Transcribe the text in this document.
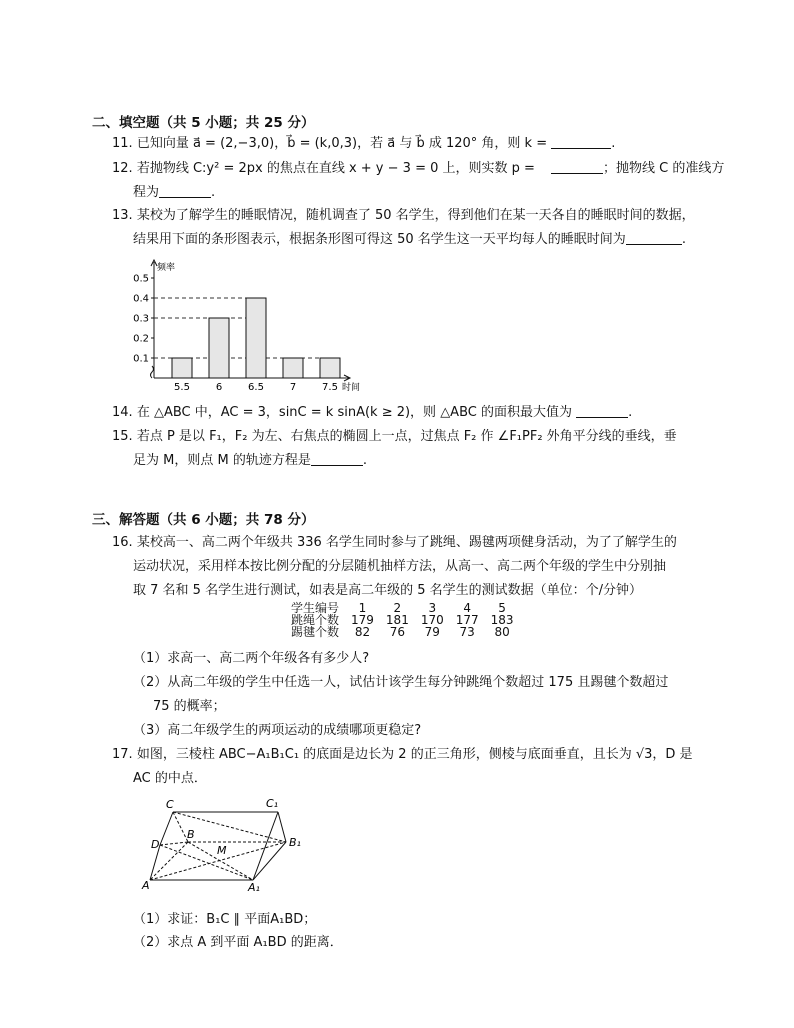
二、填空题（共 5 小题；共 25 分）
11. 已知向量 a⃗ = (2,−3,0)，b⃗ = (k,0,3)，若 a⃗ 与 b⃗ 成 120° 角，则 k =	.
12. 若抛物线 C:y² = 2px 的焦点在直线 x + y − 3 = 0 上，则实数 p =	；抛物线 C 的准线方
程为	.
13. 某校为了解学生的睡眠情况，随机调查了 50 名学生，得到他们在某一天各自的睡眠时间的数据，
结果用下面的条形图表示，根据条形图可得这 50 名学生这一天平均每人的睡眠时间为	.
频率
时间
0.1
0.2
0.3
0.4
0.5
5.5	6	6.5	7	7.5
14. 在 △ABC 中，AC = 3，sinC = k sinA(k ≥ 2)，则 △ABC 的面积最大值为	.
15. 若点 P 是以 F₁，F₂ 为左、右焦点的椭圆上一点，过焦点 F₂ 作 ∠F₁PF₂ 外角平分线的垂线，垂
足为 M，则点 M 的轨迹方程是	.
三、解答题（共 6 小题；共 78 分）
16. 某校高一、高二两个年级共 336 名学生同时参与了跳绳、踢毽两项健身活动，为了了解学生的
运动状况，采用样本按比例分配的分层随机抽样方法，从高一、高二两个年级的学生中分别抽
取 7 名和 5 名学生进行测试，如表是高二年级的 5 名学生的测试数据（单位：个/分钟）
学生编号	1	2	3	4	5
跳绳个数	179	181	170	177	183
踢毽个数	82	76	79	73	80
（1）求高一、高二两个年级各有多少人?
（2）从高二年级的学生中任选一人，试估计该学生每分钟跳绳个数超过 175 且踢毽个数超过
75 的概率；
（3）高二年级学生的两项运动的成绩哪项更稳定?
17. 如图，三棱柱 ABC−A₁B₁C₁ 的底面是边长为 2 的正三角形，侧棱与底面垂直，且长为 √3，D 是
AC 的中点．
C	C₁
B
B₁
D	M
A	A₁
（1）求证：B₁C ∥ 平面A₁BD；
（2）求点 A 到平面 A₁BD 的距离．
